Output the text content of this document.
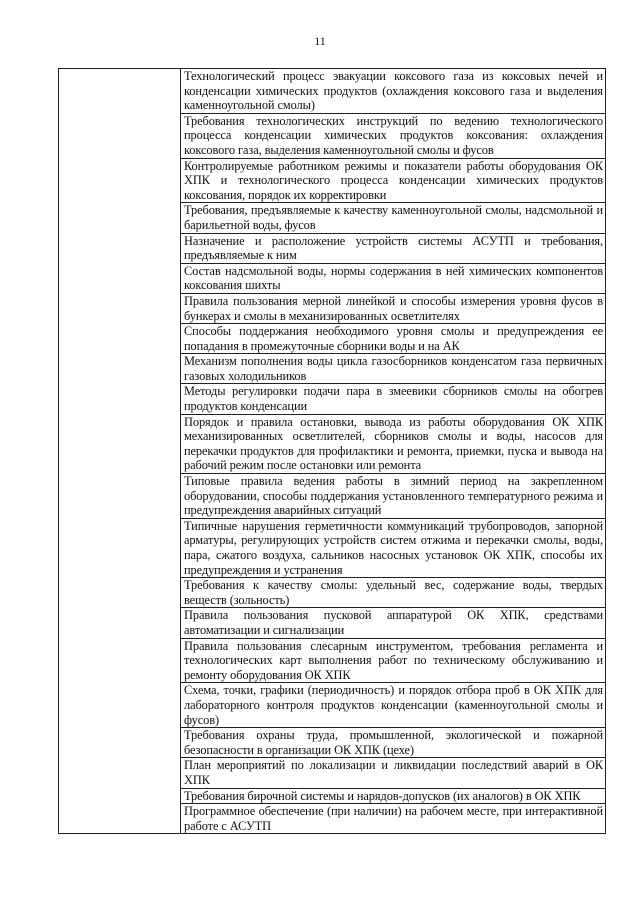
11

Технологический процесс эвакуации коксового газа из коксовых печей и конденсации химических продуктов (охлаждения коксового газа и выделения каменноугольной смолы)

Требования технологических инструкций по ведению технологического процесса конденсации химических продуктов коксования: охлаждения коксового газа, выделения каменноугольной смолы и фусов

Контролируемые работником режимы и показатели работы оборудования ОК ХПК и технологического процесса конденсации химических продуктов коксования, порядок их корректировки

Требования, предъявляемые к качеству каменноугольной смолы, надсмольной и барильетной воды, фусов

Назначение и расположение устройств системы АСУТП и требования, предъявляемые к ним

Состав надсмольной воды, нормы содержания в ней химических компонентов коксования шихты

Правила пользования мерной линейкой и способы измерения уровня фусов в бункерах и смолы в механизированных осветлителях

Способы поддержания необходимого уровня смолы и предупреждения ее попадания в промежуточные сборники воды и на АК

Механизм пополнения воды цикла газосборников конденсатом газа первичных газовых холодильников

Методы регулировки подачи пара в змеевики сборников смолы на обогрев продуктов конденсации

Порядок и правила остановки, вывода из работы оборудования ОК ХПК механизированных осветлителей, сборников смолы и воды, насосов для перекачки продуктов для профилактики и ремонта, приемки, пуска и вывода на рабочий режим после остановки или ремонта

Типовые правила ведения работы в зимний период на закрепленном оборудовании, способы поддержания установленного температурного режима и предупреждения аварийных ситуаций

Типичные нарушения герметичности коммуникаций трубопроводов, запорной арматуры, регулирующих устройств систем отжима и перекачки смолы, воды, пара, сжатого воздуха, сальников насосных установок ОК ХПК, способы их предупреждения и устранения

Требования к качеству смолы: удельный вес, содержание воды, твердых веществ (зольность)

Правила пользования пусковой аппаратурой ОК ХПК, средствами автоматизации и сигнализации

Правила пользования слесарным инструментом, требования регламента и технологических карт выполнения работ по техническому обслуживанию и ремонту оборудования ОК ХПК

Схема, точки, графики (периодичность) и порядок отбора проб в ОК ХПК для лабораторного контроля продуктов конденсации (каменноугольной смолы и фусов)

Требования охраны труда, промышленной, экологической и пожарной безопасности в организации ОК ХПК (цехе)

План мероприятий по локализации и ликвидации последствий аварий в ОК ХПК

Требования бирочной системы и нарядов-допусков (их аналогов) в ОК ХПК

Программное обеспечение (при наличии) на рабочем месте, при интерактивной работе с АСУТП
